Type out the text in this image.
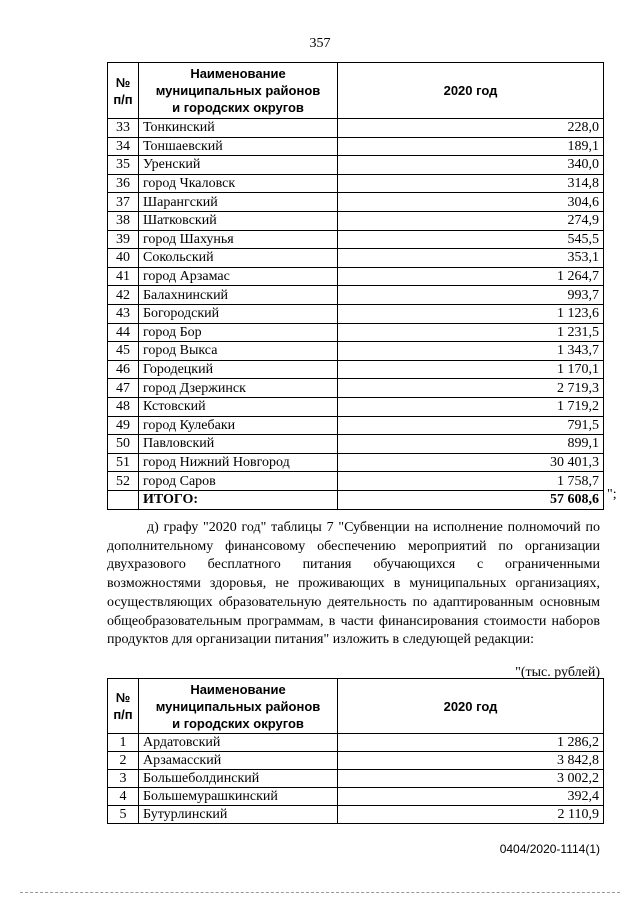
357
№
п/п	Наименование
муниципальных районов
и городских округов	2020 год
33	Тонкинский	228,0
34	Тоншаевский	189,1
35	Уренский	340,0
36	город Чкаловск	314,8
37	Шарангский	304,6
38	Шатковский	274,9
39	город Шахунья	545,5
40	Сокольский	353,1
41	город Арзамас	1 264,7
42	Балахнинский	993,7
43	Богородский	1 123,6
44	город Бор	1 231,5
45	город Выкса	1 343,7
46	Городецкий	1 170,1
47	город Дзержинск	2 719,3
48	Кстовский	1 719,2
49	город Кулебаки	791,5
50	Павловский	899,1
51	город Нижний Новгород	30 401,3
52	город Саров	1 758,7
	ИТОГО:	57 608,6 ";
д) графу "2020 год" таблицы 7 "Субвенции на исполнение полномочий по дополнительному финансовому обеспечению мероприятий по организации двухразового бесплатного питания обучающихся с ограниченными возможностями здоровья, не проживающих в муниципальных организациях, осуществляющих образовательную деятельность по адаптированным основным общеобразовательным программам, в части финансирования стоимости наборов продуктов для организации питания" изложить в следующей редакции:
"(тыс. рублей)
№
п/п	Наименование
муниципальных районов
и городских округов	2020 год
1	Ардатовский	1 286,2
2	Арзамасский	3 842,8
3	Большеболдинский	3 002,2
4	Большемурашкинский	392,4
5	Бутурлинский	2 110,9
0404/2020-1114(1)
